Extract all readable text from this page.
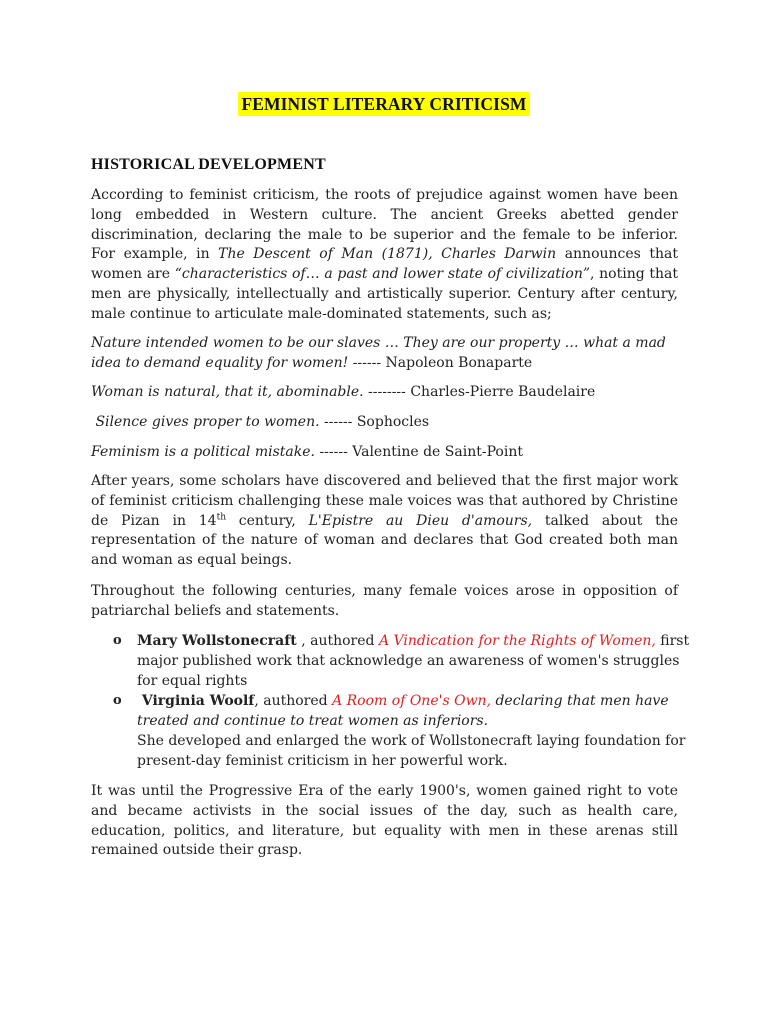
FEMINIST LITERARY CRITICISM
HISTORICAL DEVELOPMENT
According to feminist criticism, the roots of prejudice against women have been long embedded in Western culture. The ancient Greeks abetted gender discrimination, declaring the male to be superior and the female to be inferior. For example, in The Descent of Man (1871), Charles Darwin announces that women are “characteristics of… a past and lower state of civilization”, noting that men are physically, intellectually and artistically superior. Century after century, male continue to articulate male-dominated statements, such as;
Nature intended women to be our slaves … They are our property … what a mad idea to demand equality for women! ------ Napoleon Bonaparte
Woman is natural, that it, abominable. -------- Charles-Pierre Baudelaire
Silence gives proper to women. ------ Sophocles
Feminism is a political mistake. ------ Valentine de Saint-Point
After years, some scholars have discovered and believed that the first major work of feminist criticism challenging these male voices was that authored by Christine de Pizan in 14th century, L'Epistre au Dieu d'amours, talked about the representation of the nature of woman and declares that God created both man and woman as equal beings.
Throughout the following centuries, many female voices arose in opposition of patriarchal beliefs and statements.
o Mary Wollstonecraft , authored A Vindication for the Rights of Women, first major published work that acknowledge an awareness of women's struggles for equal rights
o Virginia Woolf, authored A Room of One's Own, declaring that men have treated and continue to treat women as inferiors.
She developed and enlarged the work of Wollstonecraft laying foundation for present-day feminist criticism in her powerful work.
It was until the Progressive Era of the early 1900's, women gained right to vote and became activists in the social issues of the day, such as health care, education, politics, and literature, but equality with men in these arenas still remained outside their grasp.
